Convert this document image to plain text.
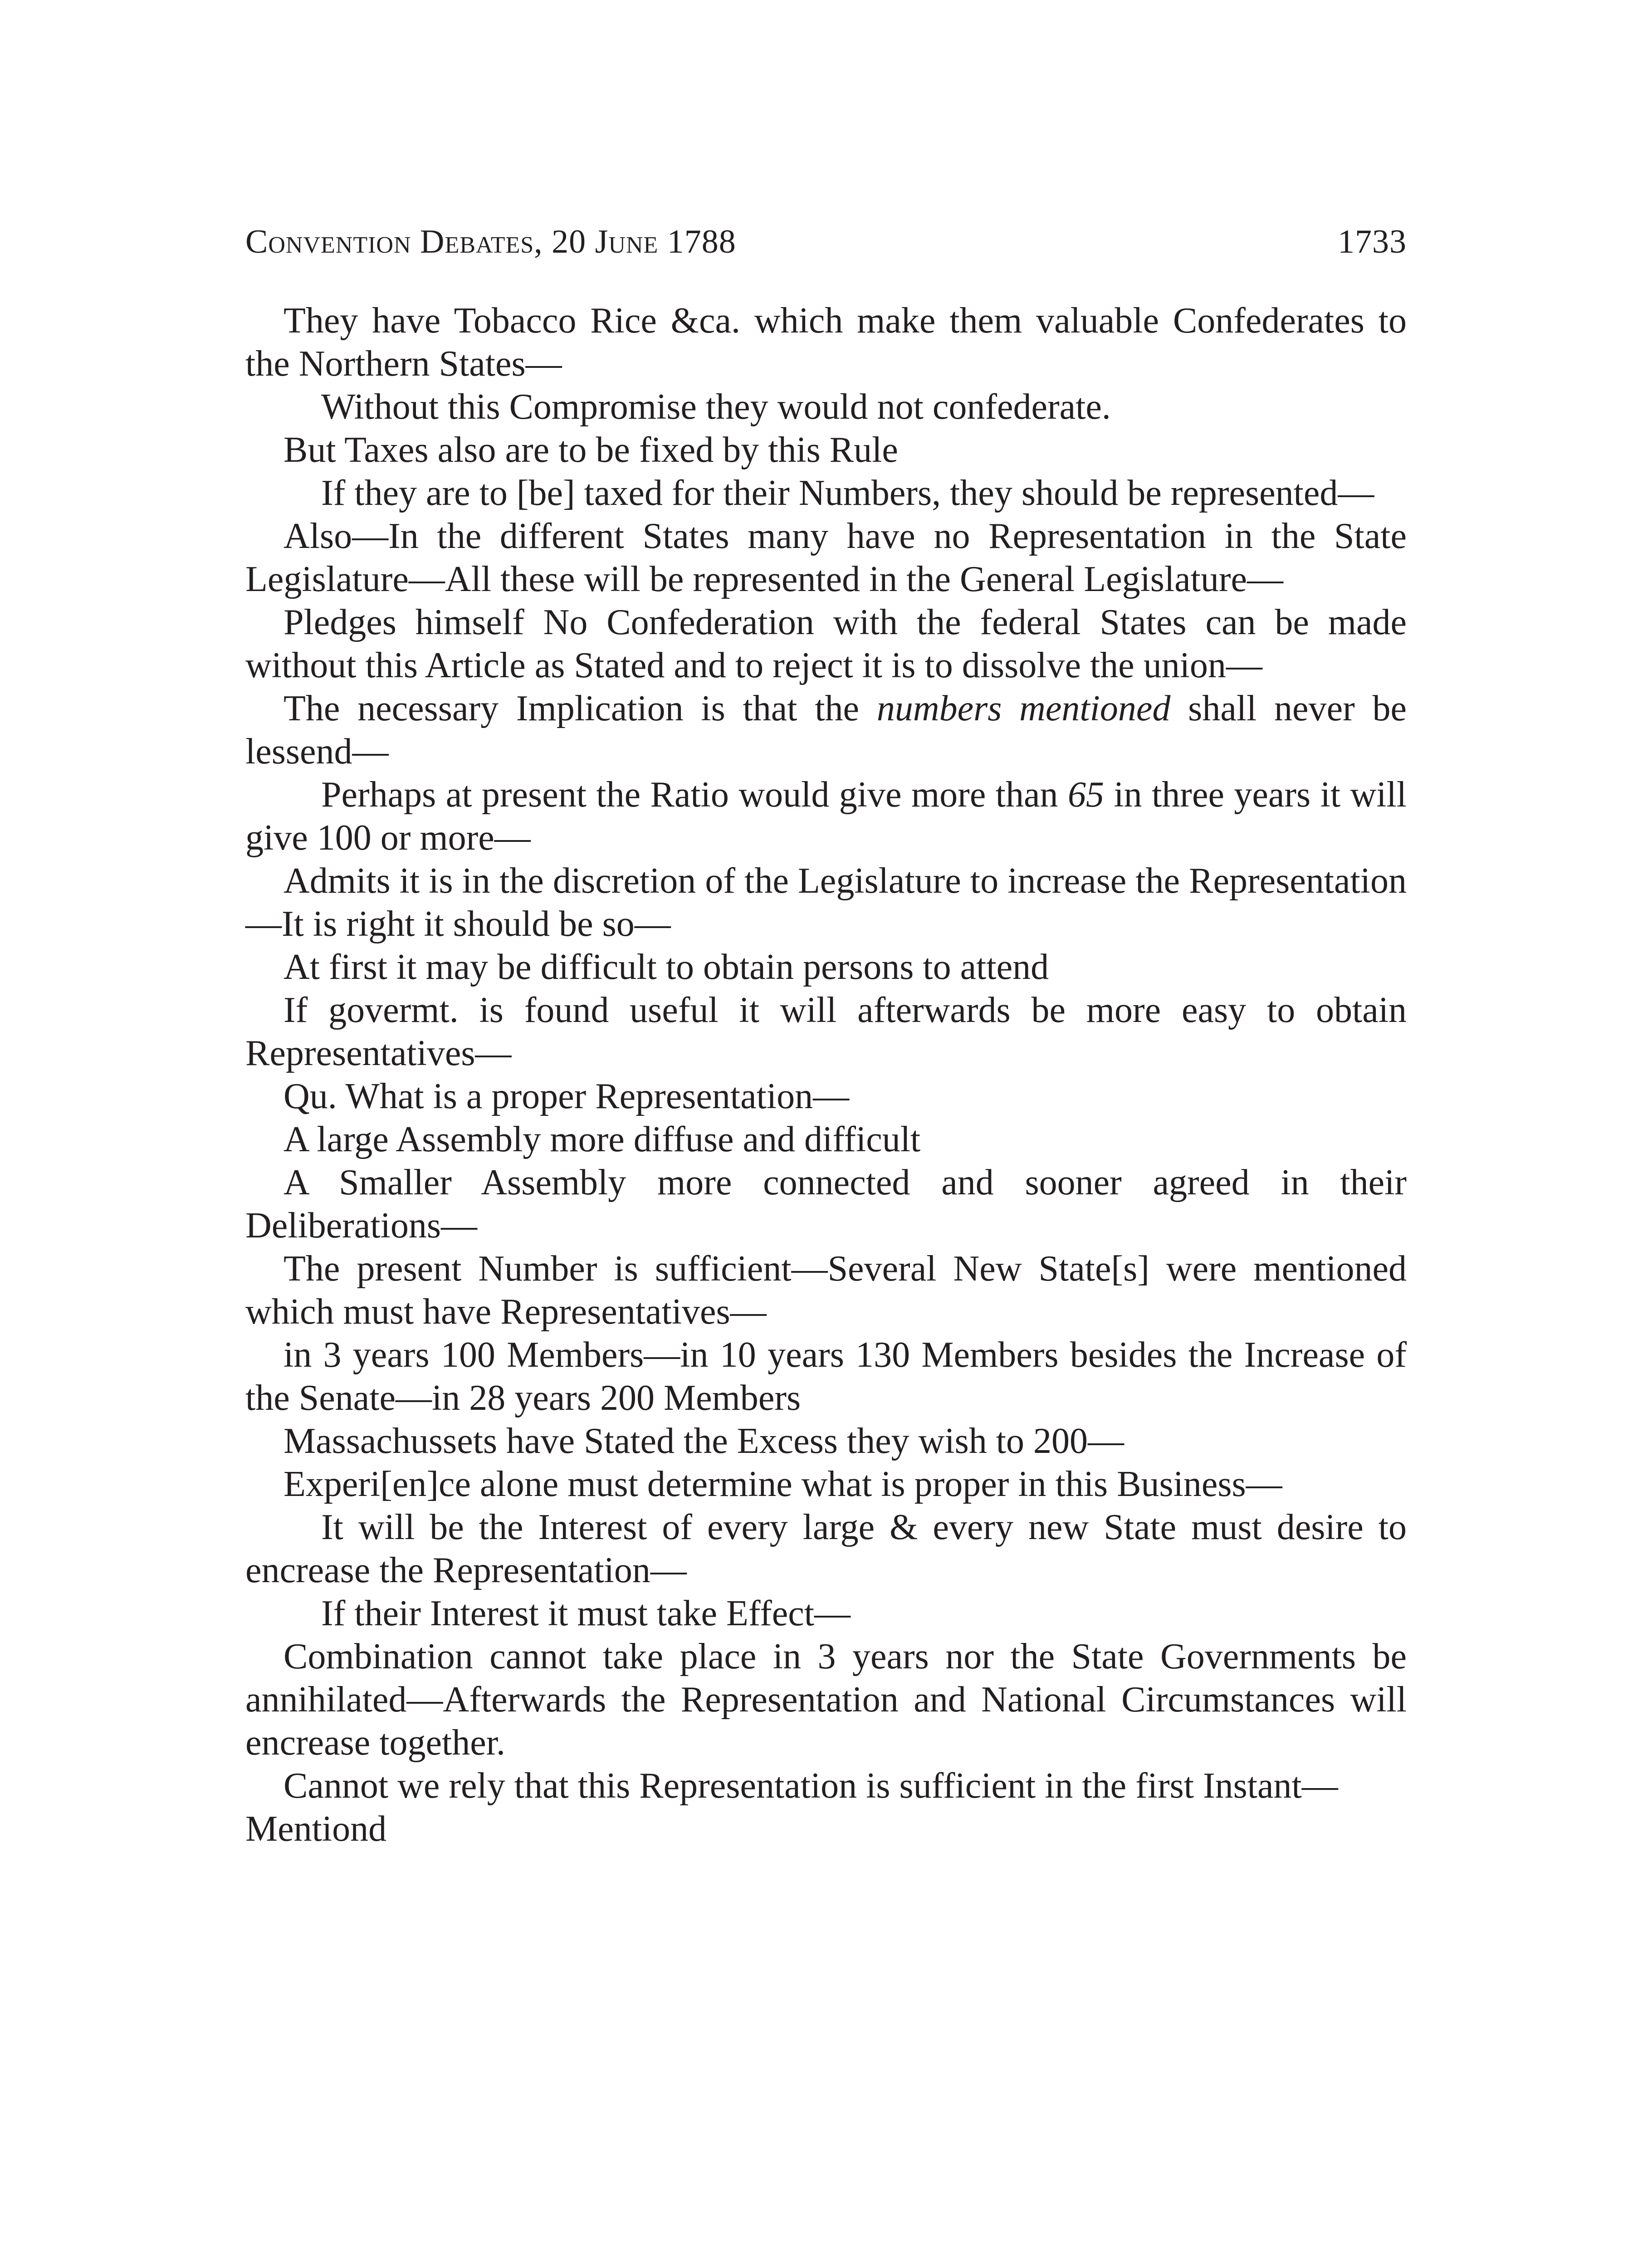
Convention Debates, 20 June 1788	1733

They have Tobacco Rice &ca. which make them valuable Confederates to the Northern States—

Without this Compromise they would not confederate.

But Taxes also are to be fixed by this Rule

If they are to [be] taxed for their Numbers, they should be represented—

Also—In the different States many have no Representation in the State Legislature—All these will be represented in the General Legislature—

Pledges himself No Confederation with the federal States can be made without this Article as Stated and to reject it is to dissolve the union—

The necessary Implication is that the numbers mentioned shall never be lessend—

Perhaps at present the Ratio would give more than 65 in three years it will give 100 or more—

Admits it is in the discretion of the Legislature to increase the Representation—It is right it should be so—

At first it may be difficult to obtain persons to attend

If govermt. is found useful it will afterwards be more easy to obtain Representatives—

Qu. What is a proper Representation—

A large Assembly more diffuse and difficult

A Smaller Assembly more connected and sooner agreed in their Deliberations—

The present Number is sufficient—Several New State[s] were mentioned which must have Representatives—

in 3 years 100 Members—in 10 years 130 Members besides the Increase of the Senate—in 28 years 200 Members

Massachussets have Stated the Excess they wish to 200—

Experi[en]ce alone must determine what is proper in this Business—

It will be the Interest of every large & every new State must desire to encrease the Representation—

If their Interest it must take Effect—

Combination cannot take place in 3 years nor the State Governments be annihilated—Afterwards the Representation and National Circumstances will encrease together.

Cannot we rely that this Representation is sufficient in the first Instant—

Mentiond
